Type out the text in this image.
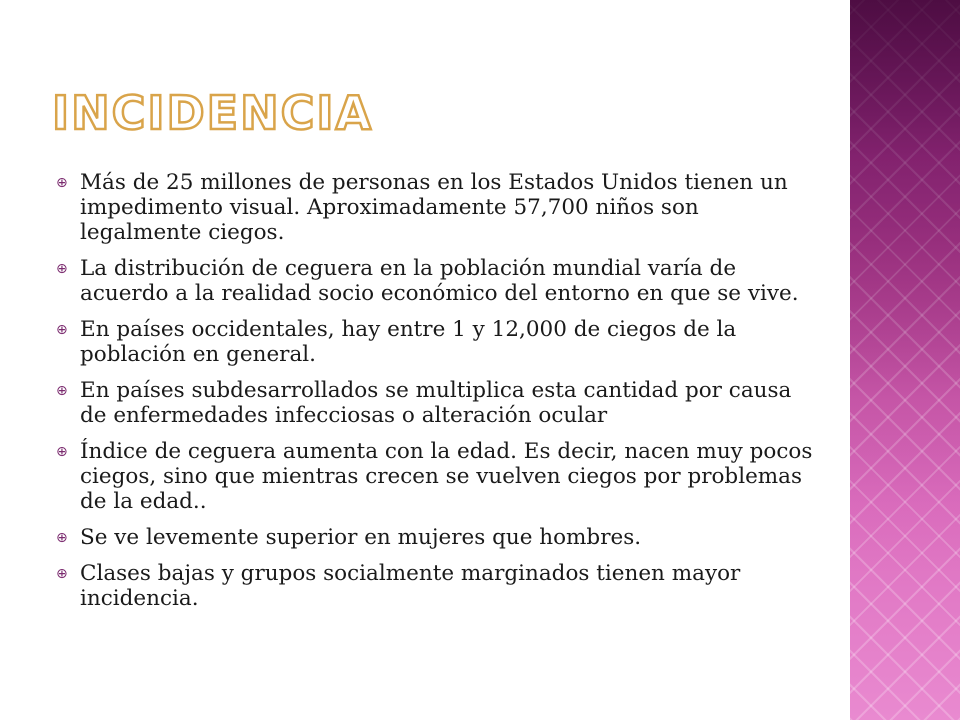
INCIDENCIA
⊕ Más de 25 millones de personas en los Estados Unidos tienen un impedimento visual. Aproximadamente 57,700 niños son legalmente ciegos.
⊕ La distribución de ceguera en la población mundial varía de acuerdo a la realidad socio económico del entorno en que se vive.
⊕ En países occidentales, hay entre 1 y 12,000 de ciegos de la población en general.
⊕ En países subdesarrollados se multiplica esta cantidad por causa de enfermedades infecciosas o alteración ocular
⊕ Índice de ceguera aumenta con la edad. Es decir, nacen muy pocos ciegos, sino que mientras crecen se vuelven ciegos por problemas de la edad..
⊕ Se ve levemente superior en mujeres que hombres.
⊕ Clases bajas y grupos socialmente marginados tienen mayor incidencia.
